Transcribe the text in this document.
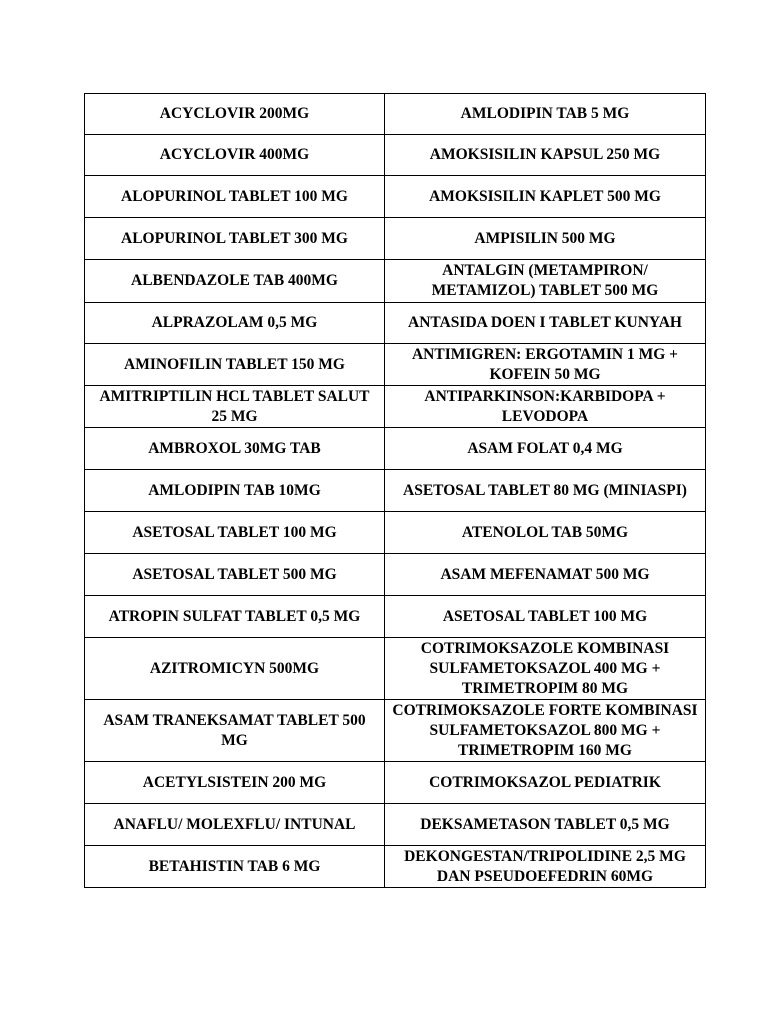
ACYCLOVIR 200MG	AMLODIPIN TAB 5 MG
ACYCLOVIR 400MG	AMOKSISILIN KAPSUL 250 MG
ALOPURINOL TABLET 100 MG	AMOKSISILIN KAPLET 500 MG
ALOPURINOL TABLET 300 MG	AMPISILIN 500 MG
ALBENDAZOLE TAB 400MG	ANTALGIN (METAMPIRON/ METAMIZOL) TABLET 500 MG
ALPRAZOLAM 0,5 MG	ANTASIDA DOEN I TABLET KUNYAH
AMINOFILIN TABLET 150 MG	ANTIMIGREN: ERGOTAMIN 1 MG + KOFEIN 50 MG
AMITRIPTILIN HCL TABLET SALUT 25 MG	ANTIPARKINSON:KARBIDOPA + LEVODOPA
AMBROXOL 30MG TAB	ASAM FOLAT 0,4 MG
AMLODIPIN TAB 10MG	ASETOSAL TABLET 80 MG (MINIASPI)
ASETOSAL TABLET 100 MG	ATENOLOL TAB 50MG
ASETOSAL TABLET 500 MG	ASAM MEFENAMAT 500 MG
ATROPIN SULFAT TABLET 0,5 MG	ASETOSAL TABLET 100 MG
AZITROMICYN 500MG	COTRIMOKSAZOLE KOMBINASI SULFAMETOKSAZOL 400 MG + TRIMETROPIM 80 MG
ASAM TRANEKSAMAT TABLET 500 MG	COTRIMOKSAZOLE FORTE KOMBINASI SULFAMETOKSAZOL 800 MG + TRIMETROPIM 160 MG
ACETYLSISTEIN 200 MG	COTRIMOKSAZOL PEDIATRIK
ANAFLU/ MOLEXFLU/ INTUNAL	DEKSAMETASON TABLET 0,5 MG
BETAHISTIN TAB 6 MG	DEKONGESTAN/TRIPOLIDINE 2,5 MG DAN PSEUDOEFEDRIN 60MG
